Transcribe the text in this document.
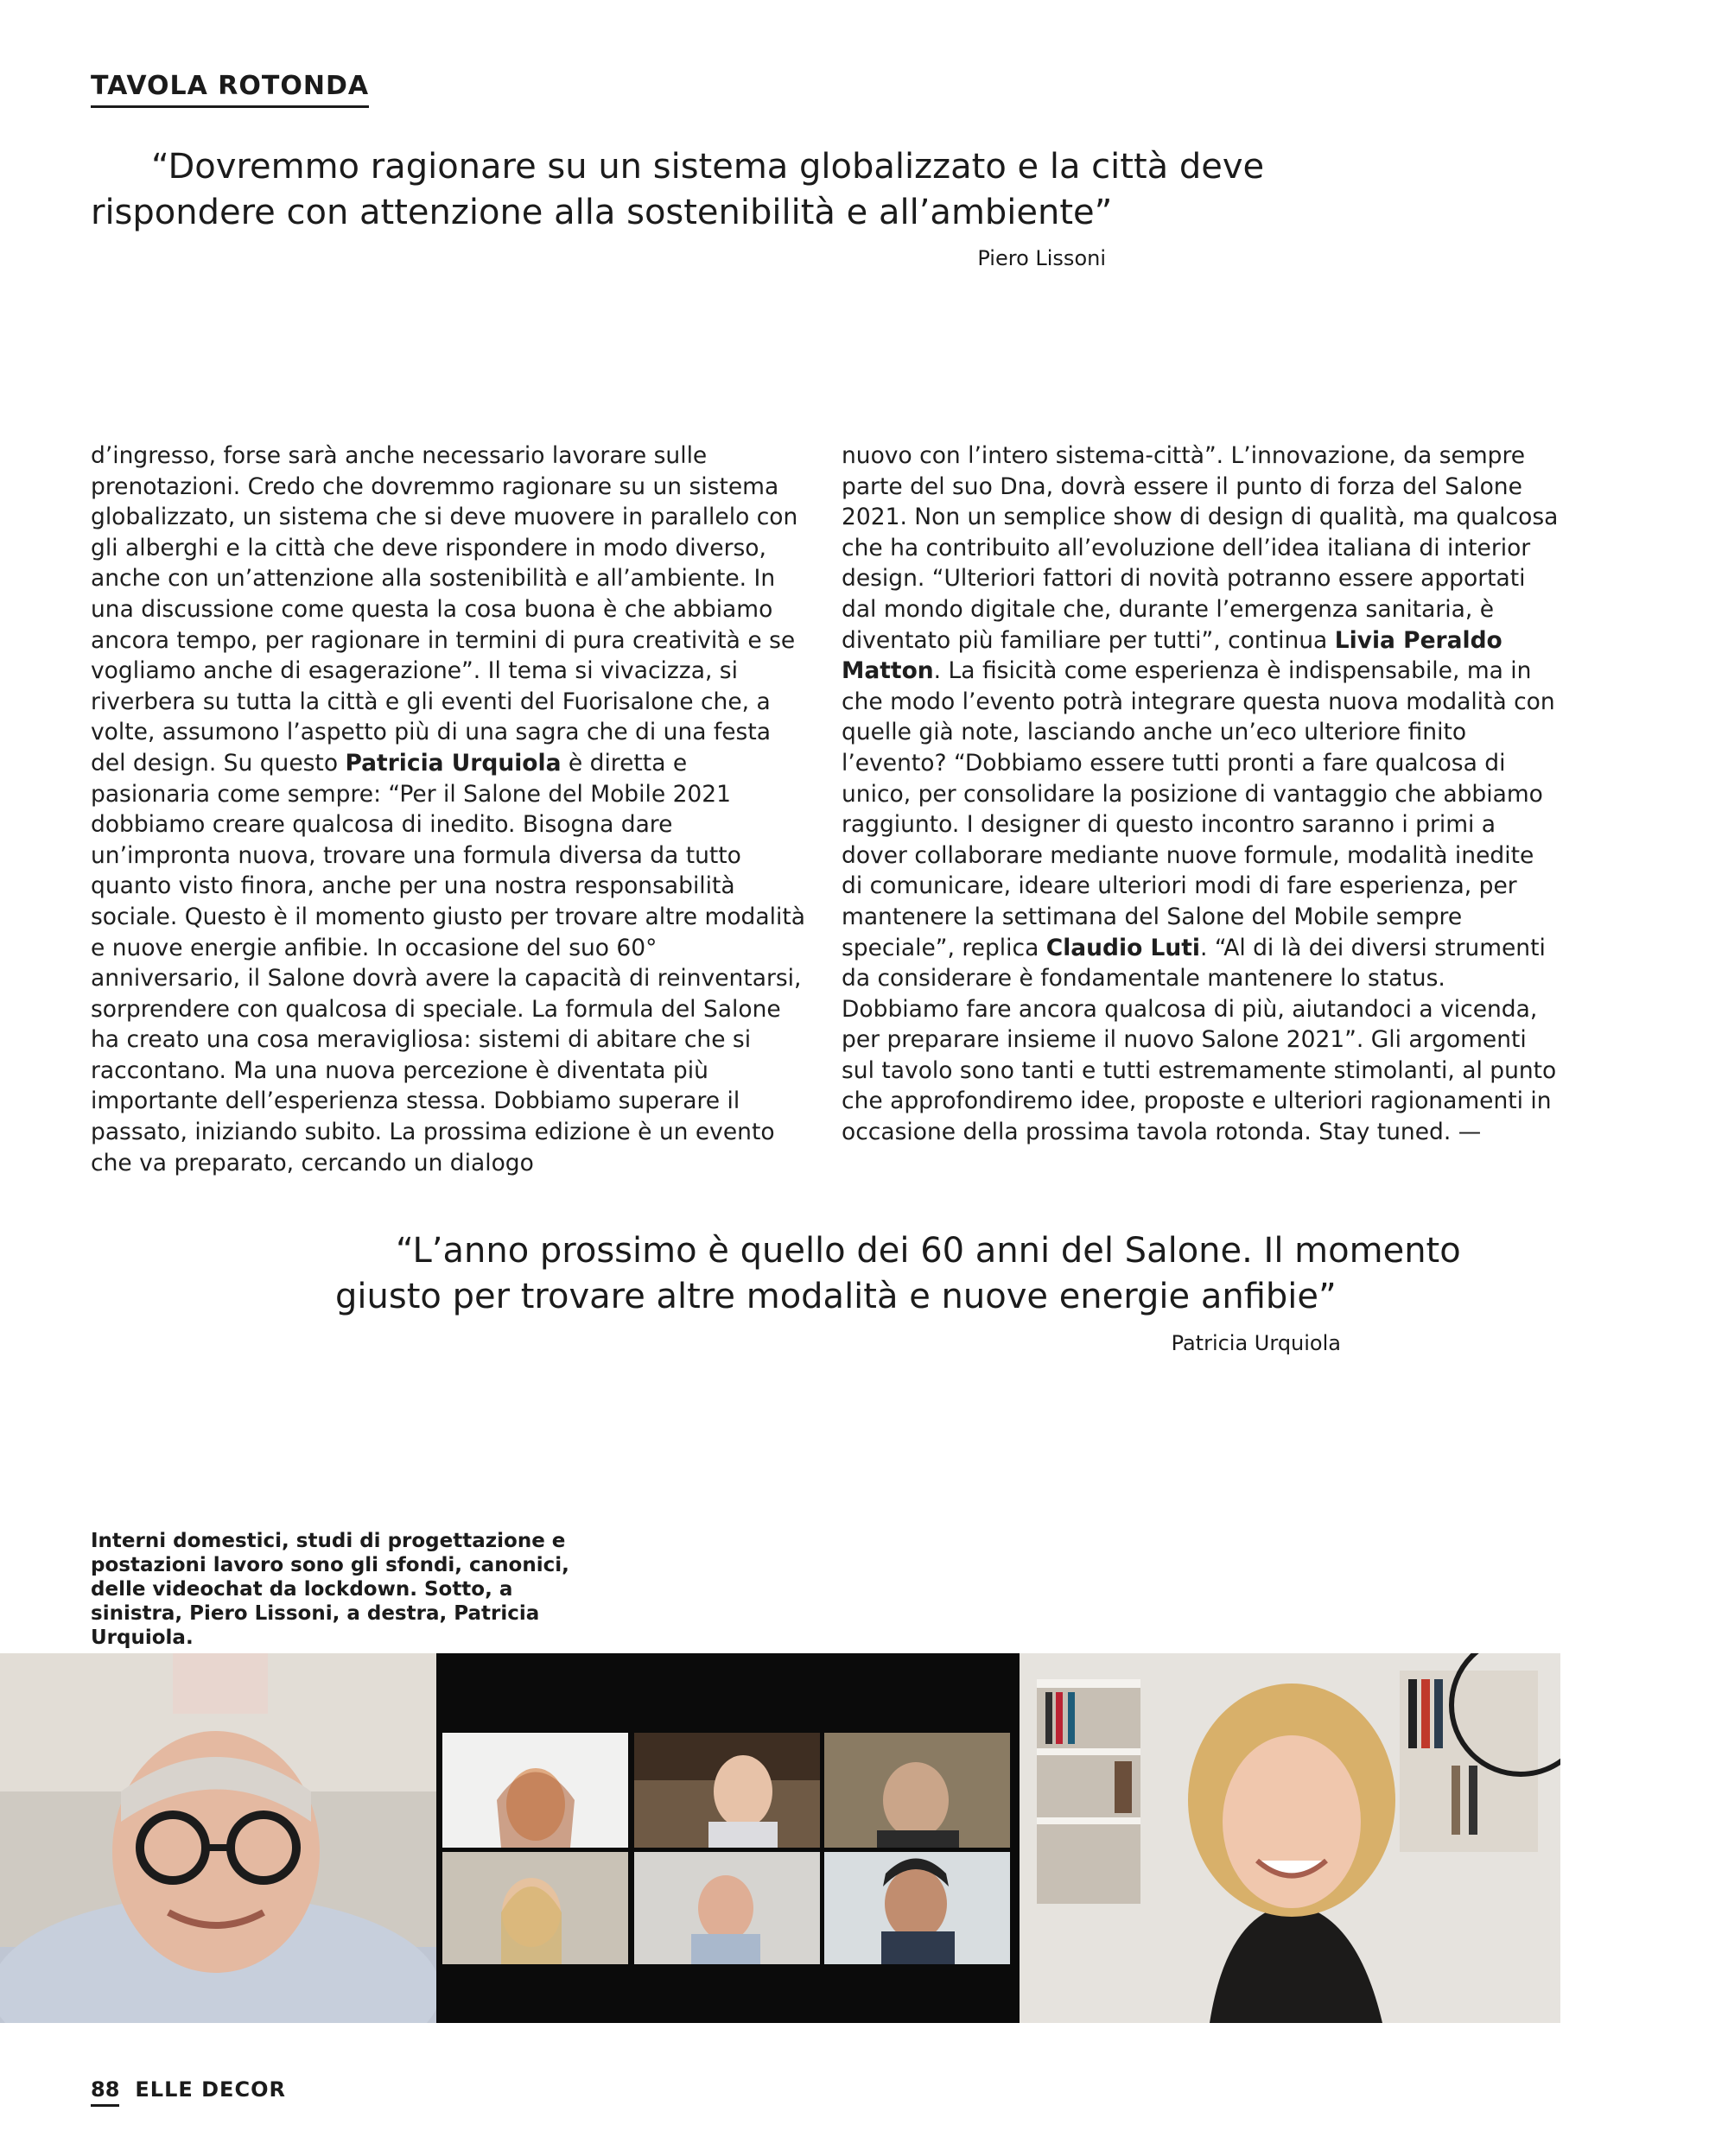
TAVOLA ROTONDA
“Dovremmo ragionare su un sistema globalizzato e la città deve
rispondere con attenzione alla sostenibilità e all’ambiente”

Piero Lissoni

d’ingresso, forse sarà anche necessario lavorare sulle prenotazioni. Credo che dovremmo ragionare su un sistema globalizzato, un sistema che si deve muovere in parallelo con gli alberghi e la città che deve rispondere in modo diverso, anche con un’attenzione alla sostenibilità e all’ambiente. In una discussione come questa la cosa buona è che abbiamo ancora tempo, per ragionare in termini di pura creatività e se vogliamo anche di esagerazione”. Il tema si vivacizza, si riverbera su tutta la città e gli eventi del Fuorisalone che, a volte, assumono l’aspetto più di una sagra che di una festa del design. Su questo Patricia Urquiola è diretta e pasionaria come sempre: “Per il Salone del Mobile 2021 dobbiamo creare qualcosa di inedito. Bisogna dare un’impronta nuova, trovare una formula diversa da tutto quanto visto finora, anche per una nostra responsabilità sociale. Questo è il momento giusto per trovare altre modalità e nuove energie anfibie. In occasione del suo 60° anniversario, il Salone dovrà avere la capacità di reinventarsi, sorprendere con qualcosa di speciale. La formula del Salone ha creato una cosa meravigliosa: sistemi di abitare che si raccontano. Ma una nuova percezione è diventata più importante dell’esperienza stessa. Dobbiamo superare il passato, iniziando subito. La prossima edizione è un evento che va preparato, cercando un dialogo

nuovo con l’intero sistema-città”. L’innovazione, da sempre parte del suo Dna, dovrà essere il punto di forza del Salone 2021. Non un semplice show di design di qualità, ma qualcosa che ha contribuito all’evoluzione dell’idea italiana di interior design. “Ulteriori fattori di novità potranno essere apportati dal mondo digitale che, durante l’emergenza sanitaria, è diventato più familiare per tutti”, continua Livia Peraldo Matton. La fisicità come esperienza è indispensabile, ma in che modo l’evento potrà integrare questa nuova modalità con quelle già note, lasciando anche un’eco ulteriore finito l’evento? “Dobbiamo essere tutti pronti a fare qualcosa di unico, per consolidare la posizione di vantaggio che abbiamo raggiunto. I designer di questo incontro saranno i primi a dover collaborare mediante nuove formule, modalità inedite di comunicare, ideare ulteriori modi di fare esperienza, per mantenere la settimana del Salone del Mobile sempre speciale”, replica Claudio Luti. “Al di là dei diversi strumenti da considerare è fondamentale mantenere lo status. Dobbiamo fare ancora qualcosa di più, aiutandoci a vicenda, per preparare insieme il nuovo Salone 2021”. Gli argomenti sul tavolo sono tanti e tutti estremamente stimolanti, al punto che approfondiremo idee, proposte e ulteriori ragionamenti in occasione della prossima tavola rotonda. Stay tuned. —

“L’anno prossimo è quello dei 60 anni del Salone. Il momento
giusto per trovare altre modalità e nuove energie anfibie”

Patricia Urquiola

Interni domestici, studi di progettazione e postazioni lavoro sono gli sfondi, canonici, delle videochat da lockdown. Sotto, a sinistra, Piero Lissoni, a destra, Patricia Urquiola.

88 ELLE DECOR
